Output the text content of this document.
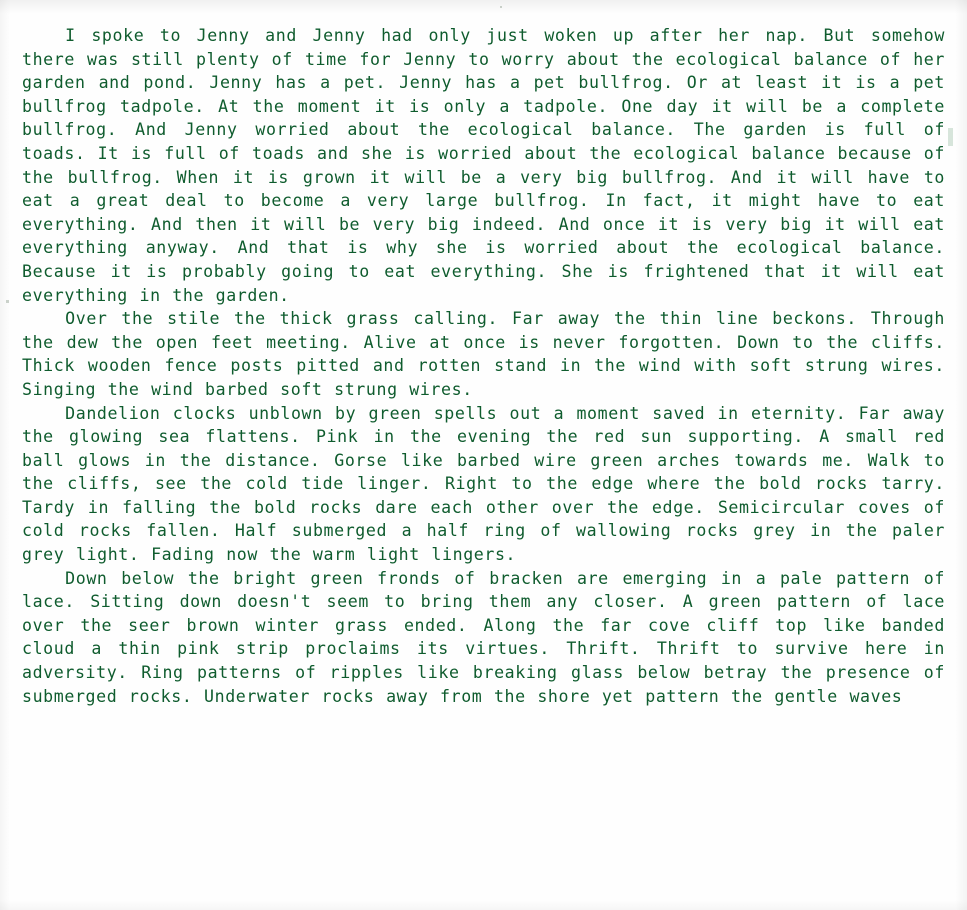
I spoke to Jenny and Jenny had only just woken up after her nap. But somehow there was still plenty of time for Jenny to worry about the ecological balance of her garden and pond. Jenny has a pet. Jenny has a pet bullfrog. Or at least it is a pet bullfrog tadpole. At the moment it is only a tadpole. One day it will be a complete bullfrog. And Jenny worried about the ecological balance. The garden is full of toads. It is full of toads and she is worried about the ecological balance because of the bullfrog. When it is grown it will be a very big bullfrog. And it will have to eat a great deal to become a very large bullfrog. In fact, it might have to eat everything. And then it will be very big indeed. And once it is very big it will eat everything anyway. And that is why she is worried about the ecological balance. Because it is probably going to eat everything. She is frightened that it will eat everything in the garden.

Over the stile the thick grass calling. Far away the thin line beckons. Through the dew the open feet meeting. Alive at once is never forgotten. Down to the cliffs. Thick wooden fence posts pitted and rotten stand in the wind with soft strung wires. Singing the wind barbed soft strung wires.

Dandelion clocks unblown by green spells out a moment saved in eternity. Far away the glowing sea flattens. Pink in the evening the red sun supporting. A small red ball glows in the distance. Gorse like barbed wire green arches towards me. Walk to the cliffs, see the cold tide linger. Right to the edge where the bold rocks tarry. Tardy in falling the bold rocks dare each other over the edge. Semicircular coves of cold rocks fallen. Half submerged a half ring of wallowing rocks grey in the paler grey light. Fading now the warm light lingers.

Down below the bright green fronds of bracken are emerging in a pale pattern of lace. Sitting down doesn't seem to bring them any closer. A green pattern of lace over the seer brown winter grass ended. Along the far cove cliff top like banded cloud a thin pink strip proclaims its virtues. Thrift. Thrift to survive here in adversity. Ring patterns of ripples like breaking glass below betray the presence of submerged rocks. Underwater rocks away from the shore yet pattern the gentle waves
